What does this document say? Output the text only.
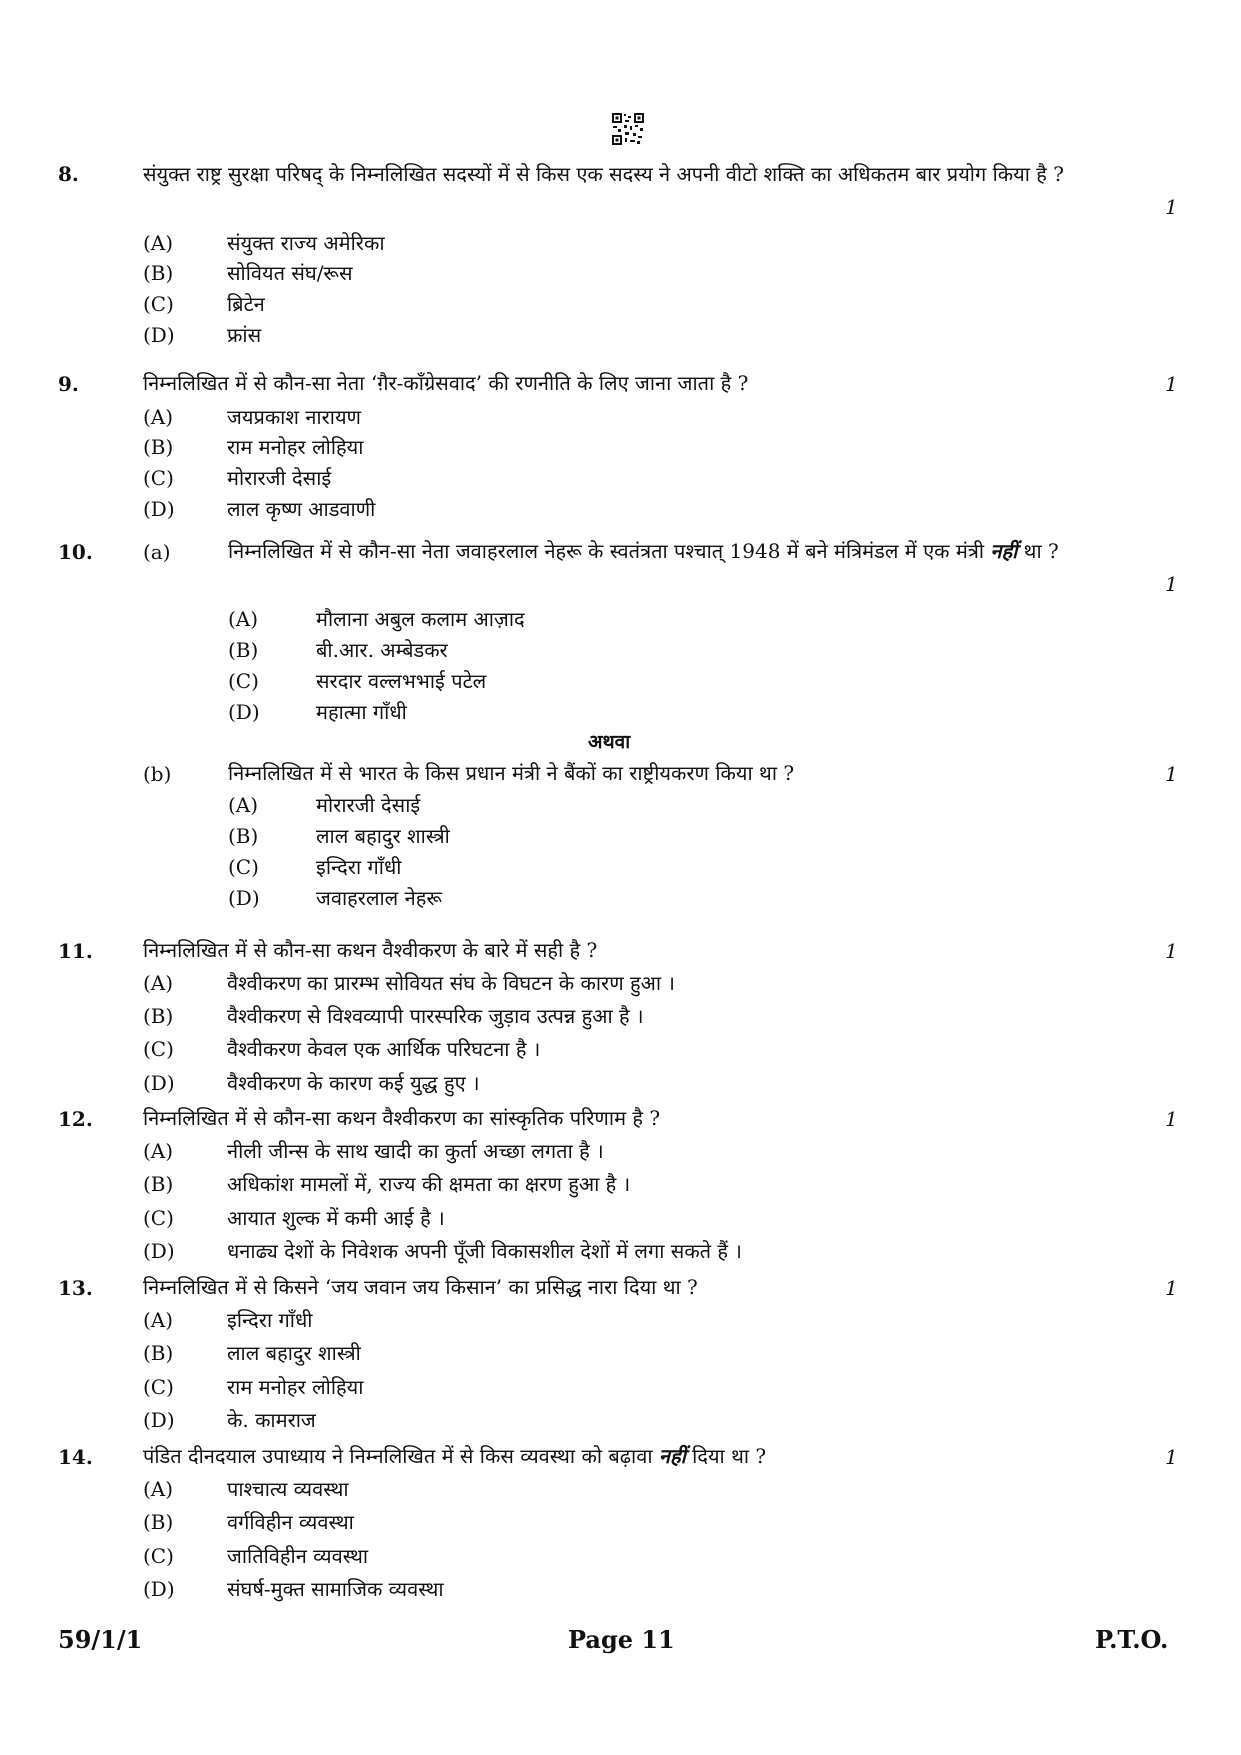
8.	संयुक्त राष्ट्र सुरक्षा परिषद् के निम्नलिखित सदस्यों में से किस एक सदस्य ने अपनी वीटो शक्ति का अधिकतम बार प्रयोग किया है ?
1
(A)	संयुक्त राज्य अमेरिका
(B)	सोवियत संघ/रूस
(C)	ब्रिटेन
(D)	फ्रांस
9.	निम्नलिखित में से कौन-सा नेता ‘ग़ैर-काँग्रेसवाद’ की रणनीति के लिए जाना जाता है ?	1
(A)	जयप्रकाश नारायण
(B)	राम मनोहर लोहिया
(C)	मोरारजी देसाई
(D)	लाल कृष्ण आडवाणी
10.	(a)	निम्नलिखित में से कौन-सा नेता जवाहरलाल नेहरू के स्वतंत्रता पश्चात् 1948 में बने मंत्रिमंडल में एक मंत्री नहीं था ?
1
(A)	मौलाना अबुल कलाम आज़ाद
(B)	बी.आर. अम्बेडकर
(C)	सरदार वल्लभभाई पटेल
(D)	महात्मा गाँधी
अथवा
(b)	निम्नलिखित में से भारत के किस प्रधान मंत्री ने बैंकों का राष्ट्रीयकरण किया था ?	1
(A)	मोरारजी देसाई
(B)	लाल बहादुर शास्त्री
(C)	इन्दिरा गाँधी
(D)	जवाहरलाल नेहरू
11.	निम्नलिखित में से कौन-सा कथन वैश्वीकरण के बारे में सही है ?	1
(A)	वैश्वीकरण का प्रारम्भ सोवियत संघ के विघटन के कारण हुआ ।
(B)	वैश्वीकरण से विश्वव्यापी पारस्परिक जुड़ाव उत्पन्न हुआ है ।
(C)	वैश्वीकरण केवल एक आर्थिक परिघटना है ।
(D)	वैश्वीकरण के कारण कई युद्ध हुए ।
12.	निम्नलिखित में से कौन-सा कथन वैश्वीकरण का सांस्कृतिक परिणाम है ?	1
(A)	नीली जीन्स के साथ खादी का कुर्ता अच्छा लगता है ।
(B)	अधिकांश मामलों में, राज्य की क्षमता का क्षरण हुआ है ।
(C)	आयात शुल्क में कमी आई है ।
(D)	धनाढ्य देशों के निवेशक अपनी पूँजी विकासशील देशों में लगा सकते हैं ।
13.	निम्नलिखित में से किसने ‘जय जवान जय किसान’ का प्रसिद्ध नारा दिया था ?	1
(A)	इन्दिरा गाँधी
(B)	लाल बहादुर शास्त्री
(C)	राम मनोहर लोहिया
(D)	के. कामराज
14.	पंडित दीनदयाल उपाध्याय ने निम्नलिखित में से किस व्यवस्था को बढ़ावा नहीं दिया था ?	1
(A)	पाश्चात्य व्यवस्था
(B)	वर्गविहीन व्यवस्था
(C)	जातिविहीन व्यवस्था
(D)	संघर्ष-मुक्त सामाजिक व्यवस्था
59/1/1	Page 11	P.T.O.
